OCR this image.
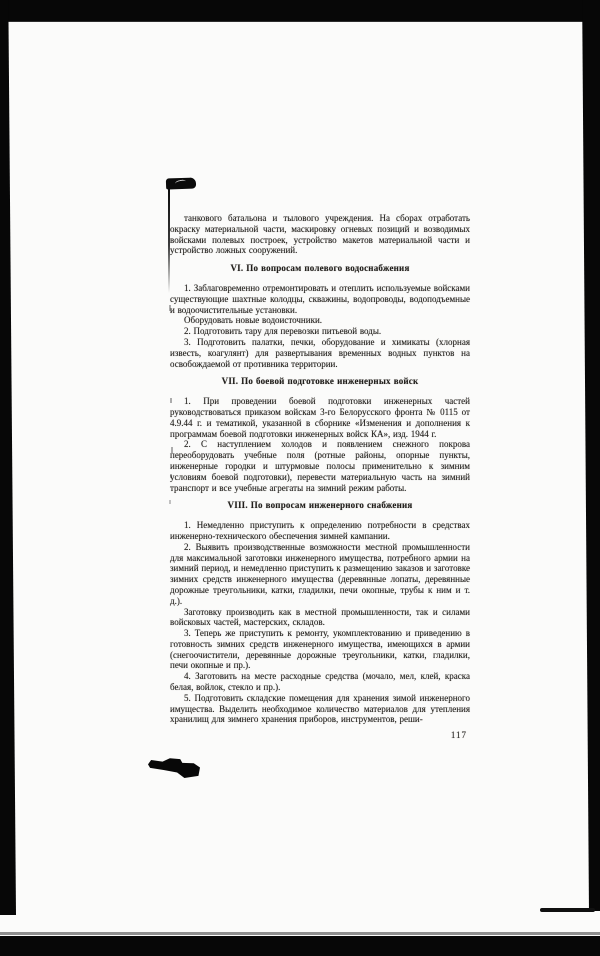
танкового батальона и тылового учреждения. На сборах отработать окраску материальной части, маскировку огневых позиций и возводимых войсками полевых построек, устройство макетов материальной части и устройство ложных сооружений.

VI. По вопросам полевого водоснабжения

1. Заблаговременно отремонтировать и отеплить используемые войсками существующие шахтные колодцы, скважины, водопроводы, водоподъемные и водоочистительные установки.

Оборудовать новые водоисточники.

2. Подготовить тару для перевозки питьевой воды.

3. Подготовить палатки, печки, оборудование и химикаты (хлорная известь, коагулянт) для развертывания временных водных пунктов на освобождаемой от противника территории.

VII. По боевой подготовке инженерных войск

1. При проведении боевой подготовки инженерных частей руководствоваться приказом войскам 3-го Белорусского фронта № 0115 от 4.9.44 г. и тематикой, указанной в сборнике «Изменения и дополнения к программам боевой подготовки инженерных войск КА», изд. 1944 г.

2. С наступлением холодов и появлением снежного покрова переоборудовать учебные поля (ротные районы, опорные пункты, инженерные городки и штурмовые полосы применительно к зимним условиям боевой подготовки), перевести материальную часть на зимний транспорт и все учебные агрегаты на зимний режим работы.

VIII. По вопросам инженерного снабжения

1. Немедленно приступить к определению потребности в средствах инженерно-технического обеспечения зимней кампании.

2. Выявить производственные возможности местной промышленности для максимальной заготовки инженерного имущества, потребного армии на зимний период, и немедленно приступить к размещению заказов и заготовке зимних средств инженерного имущества (деревянные лопаты, деревянные дорожные треугольники, катки, гладилки, печи окопные, трубы к ним и т. д.).

Заготовку производить как в местной промышленности, так и силами войсковых частей, мастерских, складов.

3. Теперь же приступить к ремонту, укомплектованию и приведению в готовность зимних средств инженерного имущества, имеющихся в армии (снегоочистители, деревянные дорожные треугольники, катки, гладилки, печи окопные и пр.).

4. Заготовить на месте расходные средства (мочало, мел, клей, краска белая, войлок, стекло и пр.).

5. Подготовить складские помещения для хранения зимой инженерного имущества. Выделить необходимое количество материалов для утепления хранилищ для зимнего хранения приборов, инструментов, реши-

117
